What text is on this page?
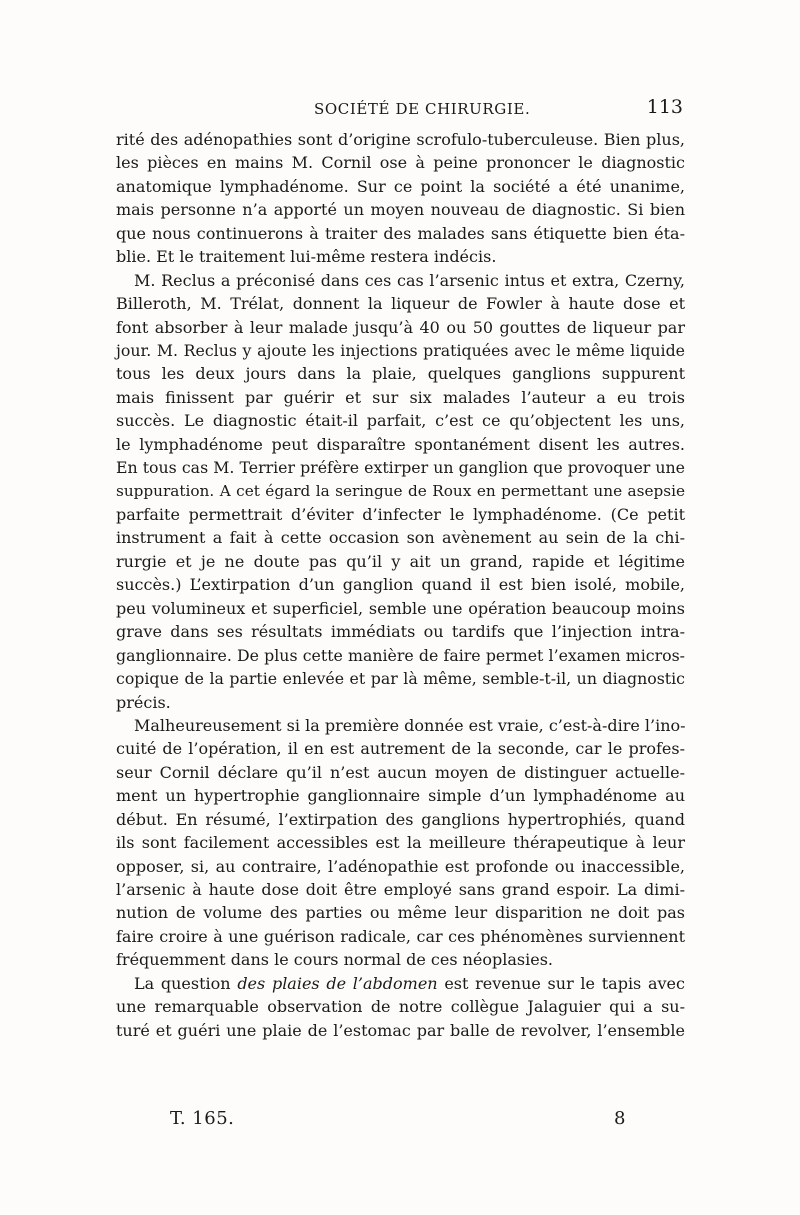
SOCIÉTÉ DE CHIRURGIE.	113
rité des adénopathies sont d’origine scrofulo-tuberculeuse. Bien plus,
les pièces en mains M. Cornil ose à peine prononcer le diagnostic
anatomique lymphadénome. Sur ce point la société a été unanime,
mais personne n’a apporté un moyen nouveau de diagnostic. Si bien
que nous continuerons à traiter des malades sans étiquette bien éta-
blie. Et le traitement lui-même restera indécis.
M. Reclus a préconisé dans ces cas l’arsenic intus et extra, Czerny,
Billeroth, M. Trélat, donnent la liqueur de Fowler à haute dose et
font absorber à leur malade jusqu’à 40 ou 50 gouttes de liqueur par
jour. M. Reclus y ajoute les injections pratiquées avec le même liquide
tous les deux jours dans la plaie, quelques ganglions suppurent
mais finissent par guérir et sur six malades l’auteur a eu trois
succès. Le diagnostic était-il parfait, c’est ce qu’objectent les uns,
le lymphadénome peut disparaître spontanément disent les autres.
En tous cas M. Terrier préfère extirper un ganglion que provoquer une
suppuration. A cet égard la seringue de Roux en permettant une asepsie
parfaite permettrait d’éviter d’infecter le lymphadénome. (Ce petit
instrument a fait à cette occasion son avènement au sein de la chi-
rurgie et je ne doute pas qu’il y ait un grand, rapide et légitime
succès.) L’extirpation d’un ganglion quand il est bien isolé, mobile,
peu volumineux et superficiel, semble une opération beaucoup moins
grave dans ses résultats immédiats ou tardifs que l’injection intra-
ganglionnaire. De plus cette manière de faire permet l’examen micros-
copique de la partie enlevée et par là même, semble-t-il, un diagnostic
précis.
Malheureusement si la première donnée est vraie, c’est-à-dire l’ino-
cuité de l’opération, il en est autrement de la seconde, car le profes-
seur Cornil déclare qu’il n’est aucun moyen de distinguer actuelle-
ment un hypertrophie ganglionnaire simple d’un lymphadénome au
début. En résumé, l’extirpation des ganglions hypertrophiés, quand
ils sont facilement accessibles est la meilleure thérapeutique à leur
opposer, si, au contraire, l’adénopathie est profonde ou inaccessible,
l’arsenic à haute dose doit être employé sans grand espoir. La dimi-
nution de volume des parties ou même leur disparition ne doit pas
faire croire à une guérison radicale, car ces phénomènes surviennent
fréquemment dans le cours normal de ces néoplasies.
La question des plaies de l’abdomen est revenue sur le tapis avec
une remarquable observation de notre collègue Jalaguier qui a su-
turé et guéri une plaie de l’estomac par balle de revolver, l’ensemble
T. 165.	8
